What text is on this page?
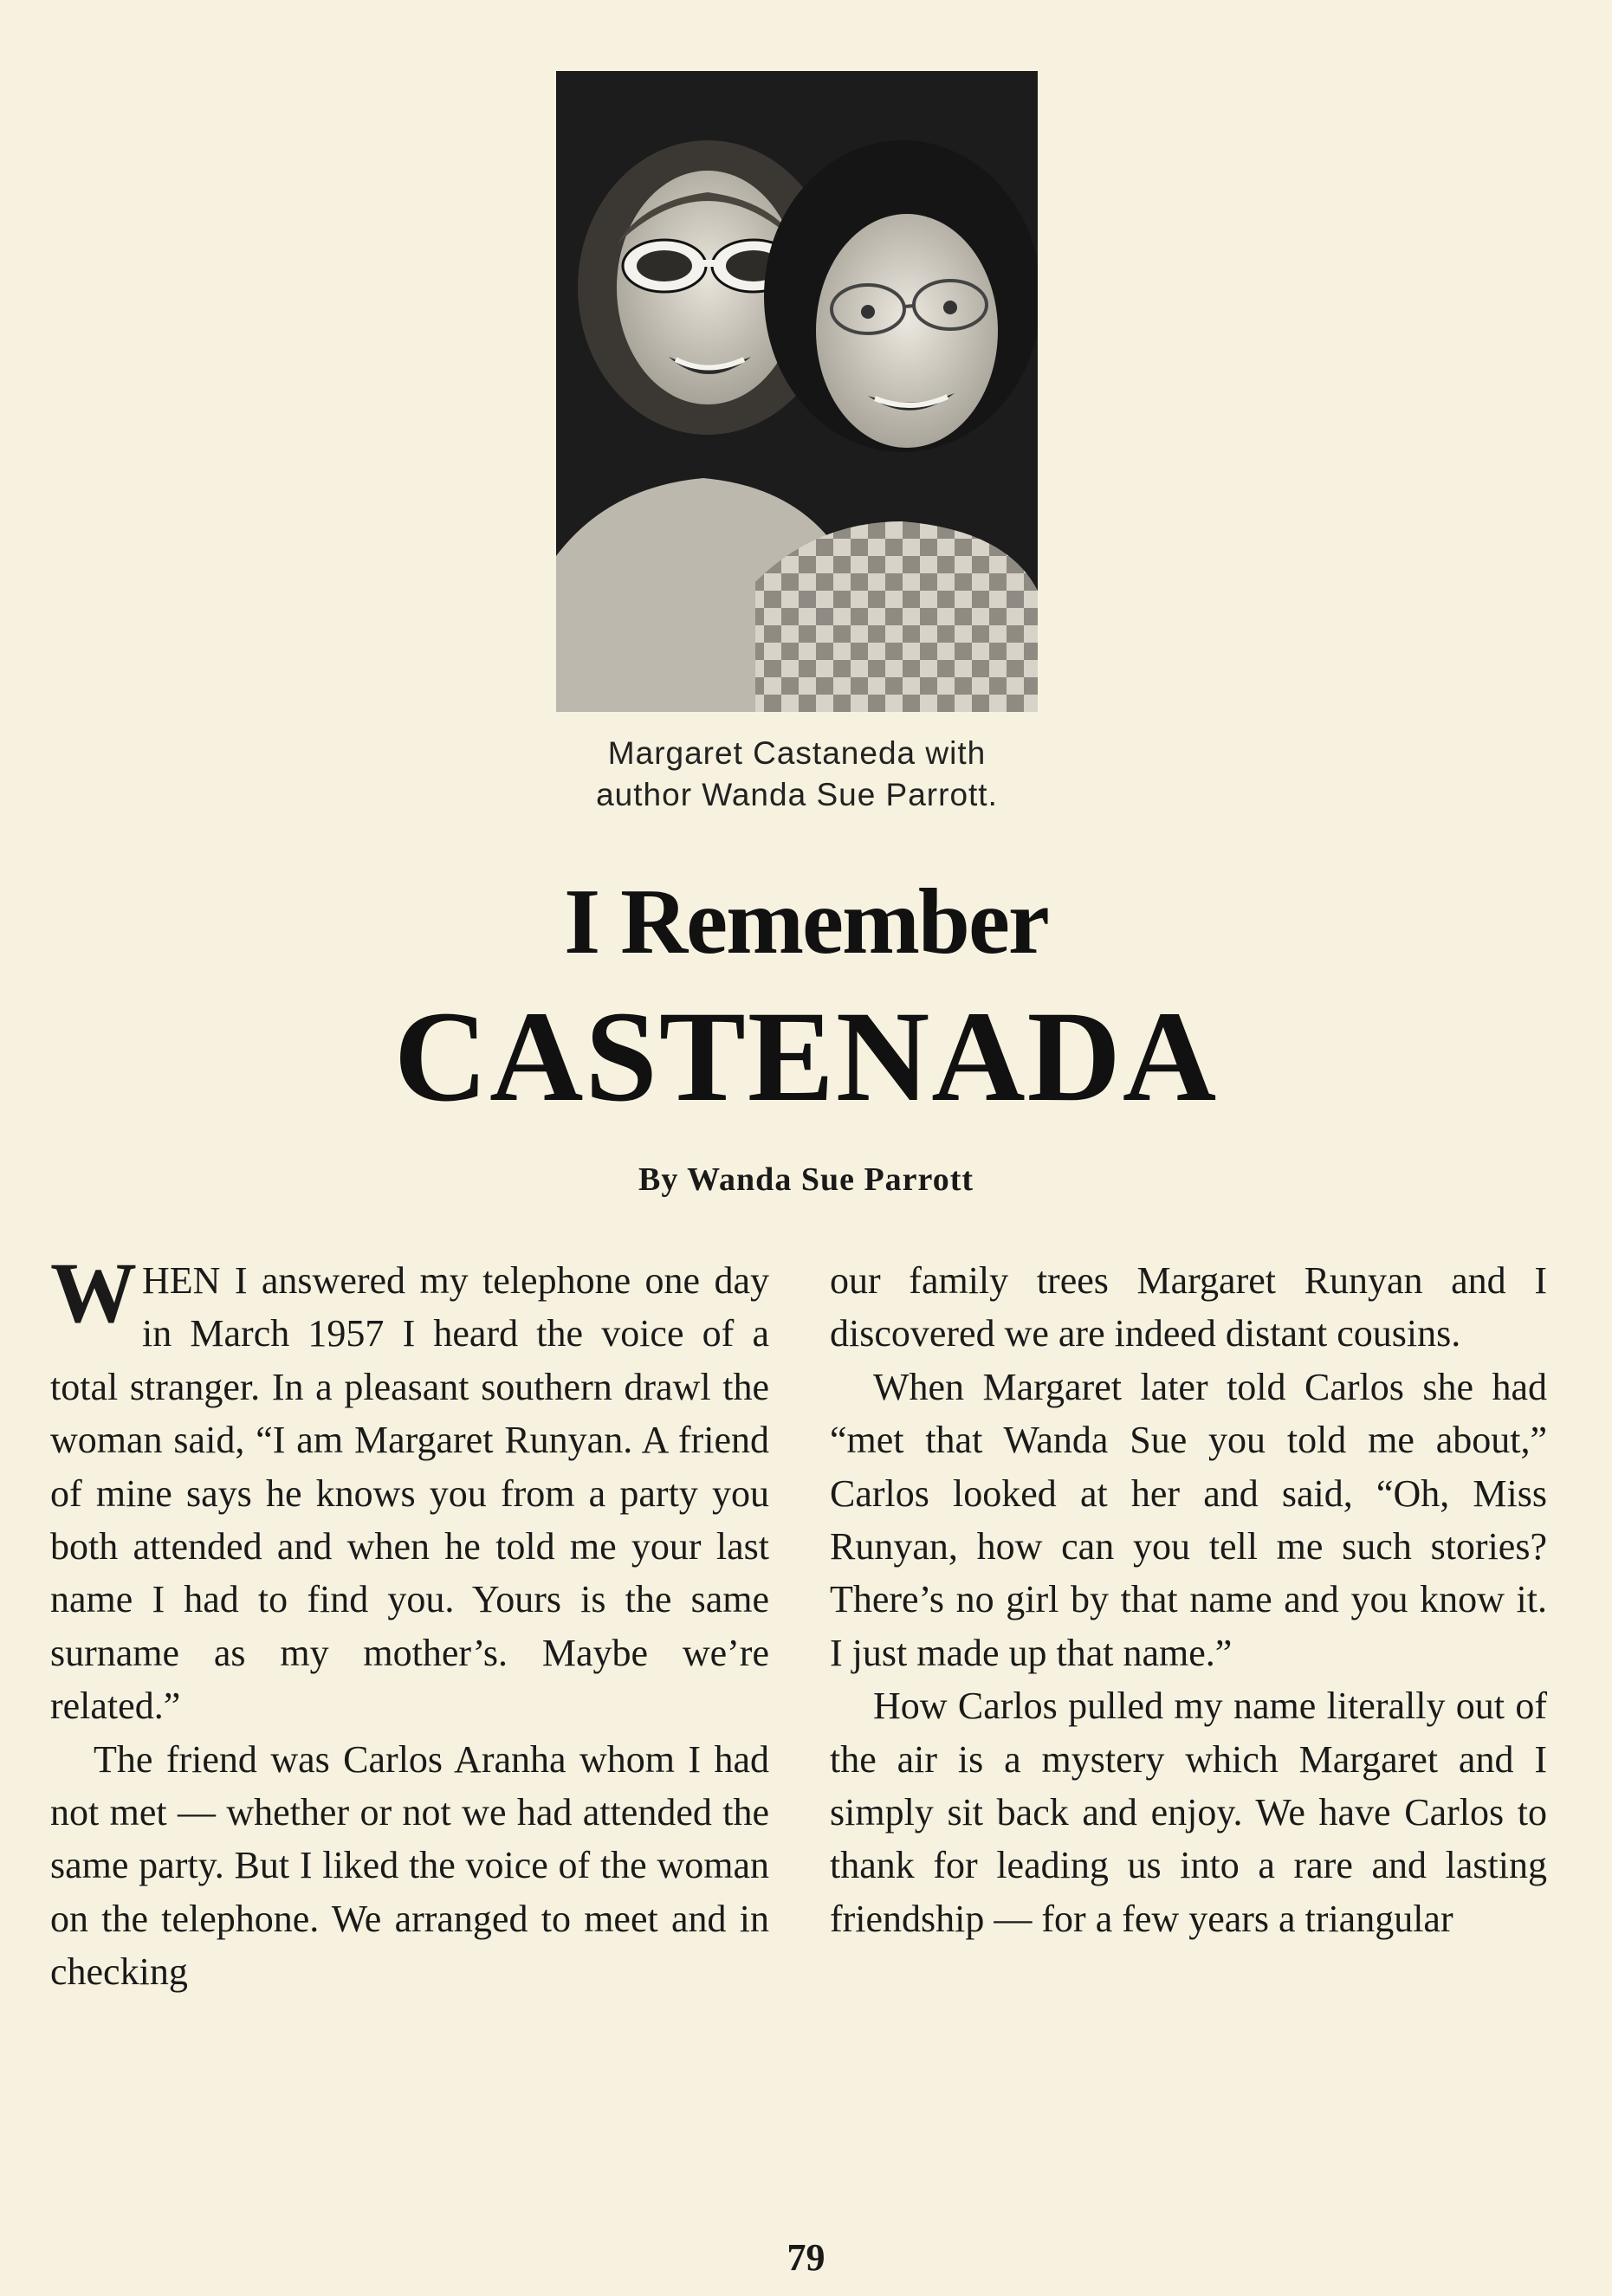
Margaret Castaneda with
author Wanda Sue Parrott.
I Remember
CASTENADA
By Wanda Sue Parrott

WHEN I answered my telephone one day in March 1957 I heard the voice of a total stranger. In a pleasant southern drawl the woman said, “I am Margaret Runyan. A friend of mine says he knows you from a party you both attended and when he told me your last name I had to find you. Yours is the same surname as my mother’s. Maybe we’re related.”

The friend was Carlos Aranha whom I had not met — whether or not we had attended the same party. But I liked the voice of the woman on the telephone. We arranged to meet and in checking

our family trees Margaret Runyan and I discovered we are indeed distant cousins.

When Margaret later told Carlos she had “met that Wanda Sue you told me about,” Carlos looked at her and said, “Oh, Miss Runyan, how can you tell me such stories? There’s no girl by that name and you know it. I just made up that name.”

How Carlos pulled my name literally out of the air is a mystery which Margaret and I simply sit back and enjoy. We have Carlos to thank for leading us into a rare and lasting friendship — for a few years a triangular

79
